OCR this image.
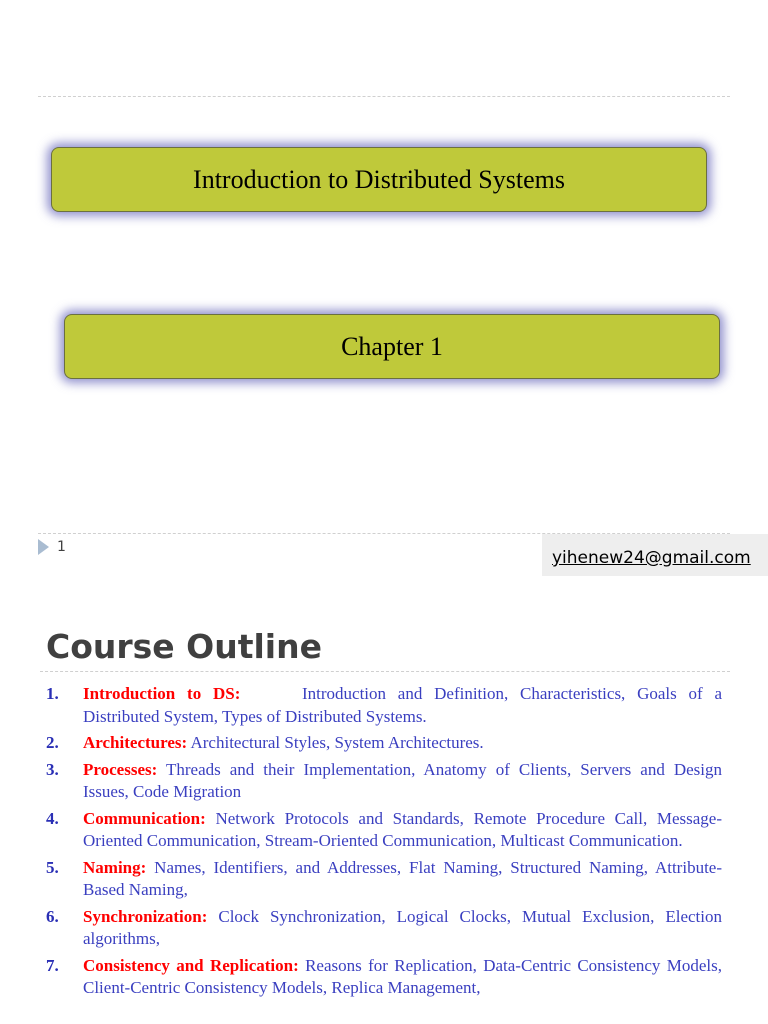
Introduction to Distributed Systems
Chapter 1
1
yihenew24@gmail.com
Course Outline
1.	Introduction to DS:	Introduction and Definition, Characteristics, Goals of a Distributed System, Types of Distributed Systems.
2.	Architectures: Architectural Styles, System Architectures.
3.	Processes: Threads and their Implementation, Anatomy of Clients, Servers and Design Issues, Code Migration
4.	Communication: Network Protocols and Standards, Remote Procedure Call, Message-Oriented Communication, Stream-Oriented Communication, Multicast Communication.
5.	Naming: Names, Identifiers, and Addresses, Flat Naming, Structured Naming, Attribute-Based Naming,
6.	Synchronization: Clock Synchronization, Logical Clocks, Mutual Exclusion, Election algorithms,
7.	Consistency and Replication: Reasons for Replication, Data-Centric Consistency Models, Client-Centric Consistency Models, Replica Management,
